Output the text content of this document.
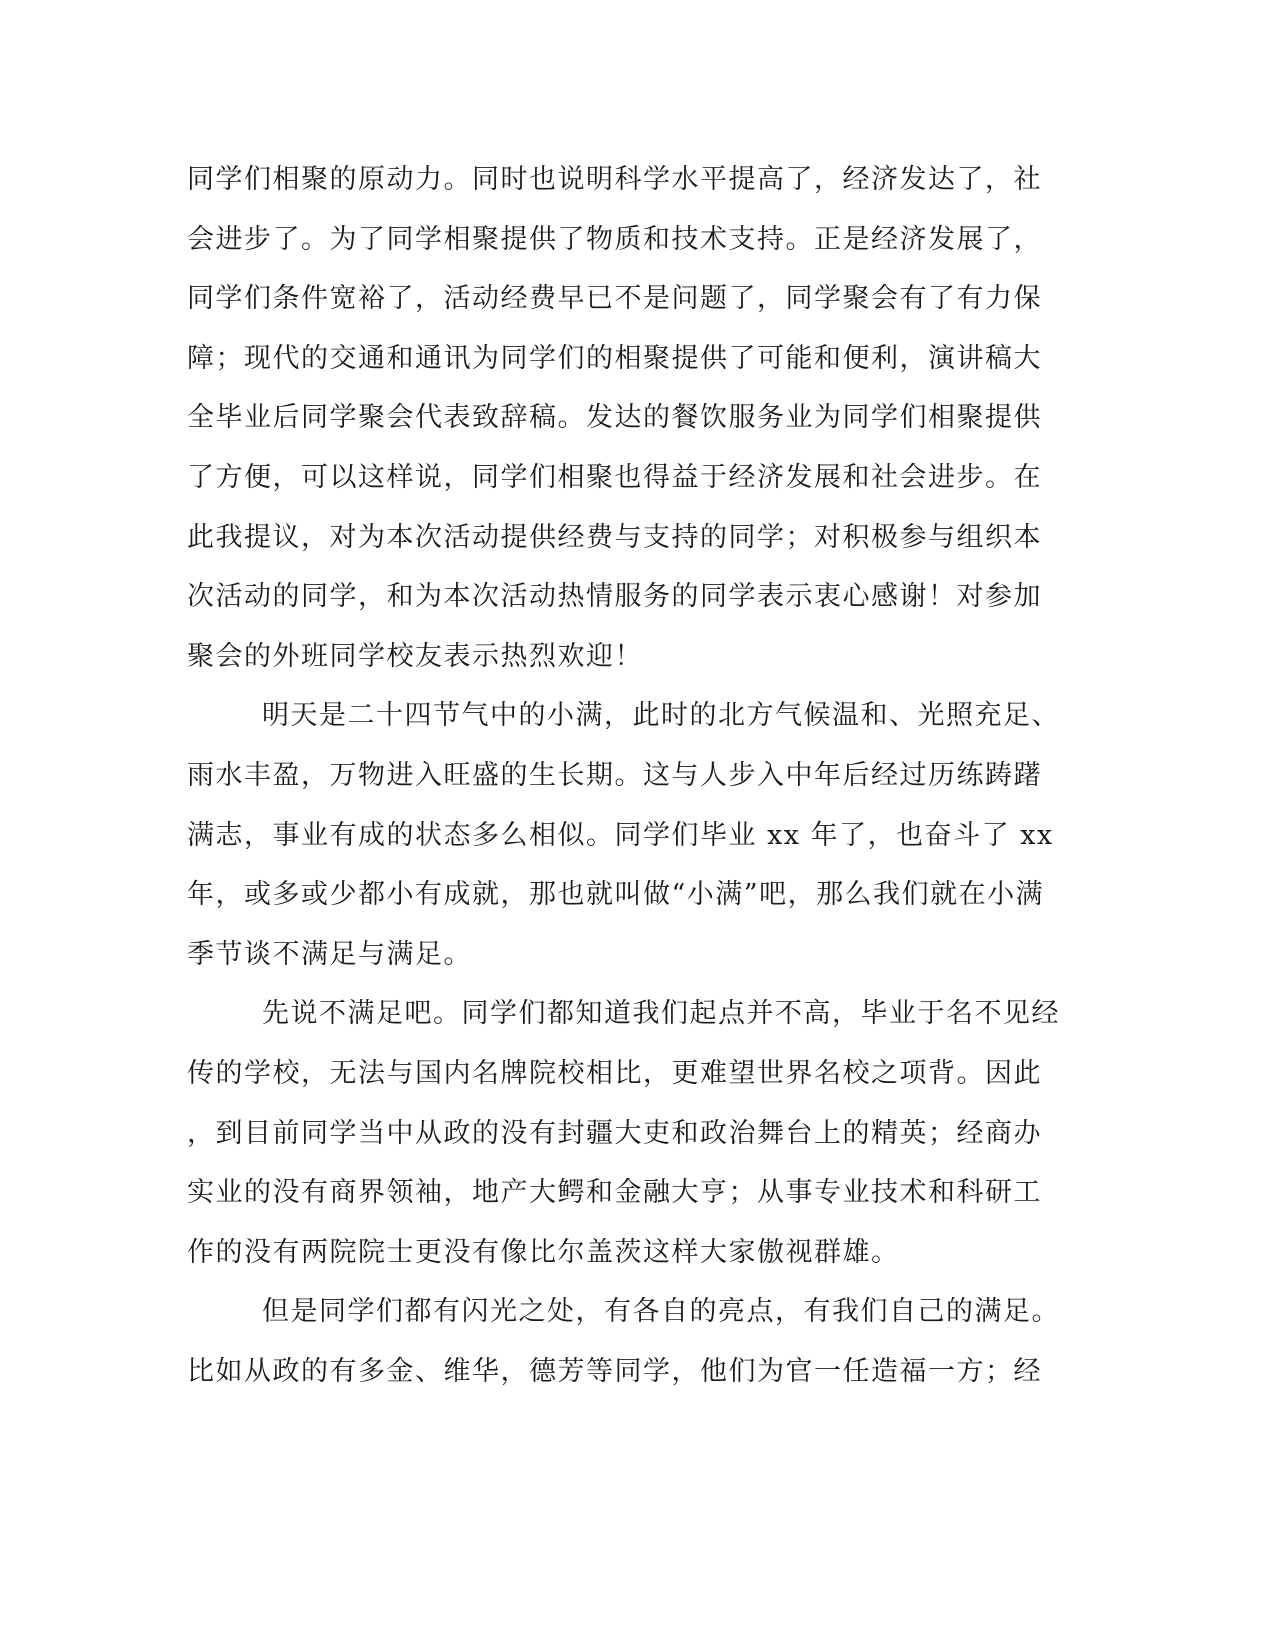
同学们相聚的原动力。同时也说明科学水平提高了，经济发达了，社
会进步了。为了同学相聚提供了物质和技术支持。正是经济发展了，
同学们条件宽裕了，活动经费早已不是问题了，同学聚会有了有力保
障；现代的交通和通讯为同学们的相聚提供了可能和便利，演讲稿大
全毕业后同学聚会代表致辞稿。发达的餐饮服务业为同学们相聚提供
了方便，可以这样说，同学们相聚也得益于经济发展和社会进步。在
此我提议，对为本次活动提供经费与支持的同学；对积极参与组织本
次活动的同学，和为本次活动热情服务的同学表示衷心感谢！对参加
聚会的外班同学校友表示热烈欢迎！
明天是二十四节气中的小满，此时的北方气候温和、光照充足、
雨水丰盈，万物进入旺盛的生长期。这与人步入中年后经过历练踌躇
满志，事业有成的状态多么相似。同学们毕业 xx 年了，也奋斗了 xx
年，或多或少都小有成就，那也就叫做“小满”吧，那么我们就在小满
季节谈不满足与满足。
先说不满足吧。同学们都知道我们起点并不高，毕业于名不见经
传的学校，无法与国内名牌院校相比，更难望世界名校之项背。因此
，到目前同学当中从政的没有封疆大吏和政治舞台上的精英；经商办
实业的没有商界领袖，地产大鳄和金融大亨；从事专业技术和科研工
作的没有两院院士更没有像比尔盖茨这样大家傲视群雄。
但是同学们都有闪光之处，有各自的亮点，有我们自己的满足。
比如从政的有多金、维华，德芳等同学，他们为官一任造福一方；经
